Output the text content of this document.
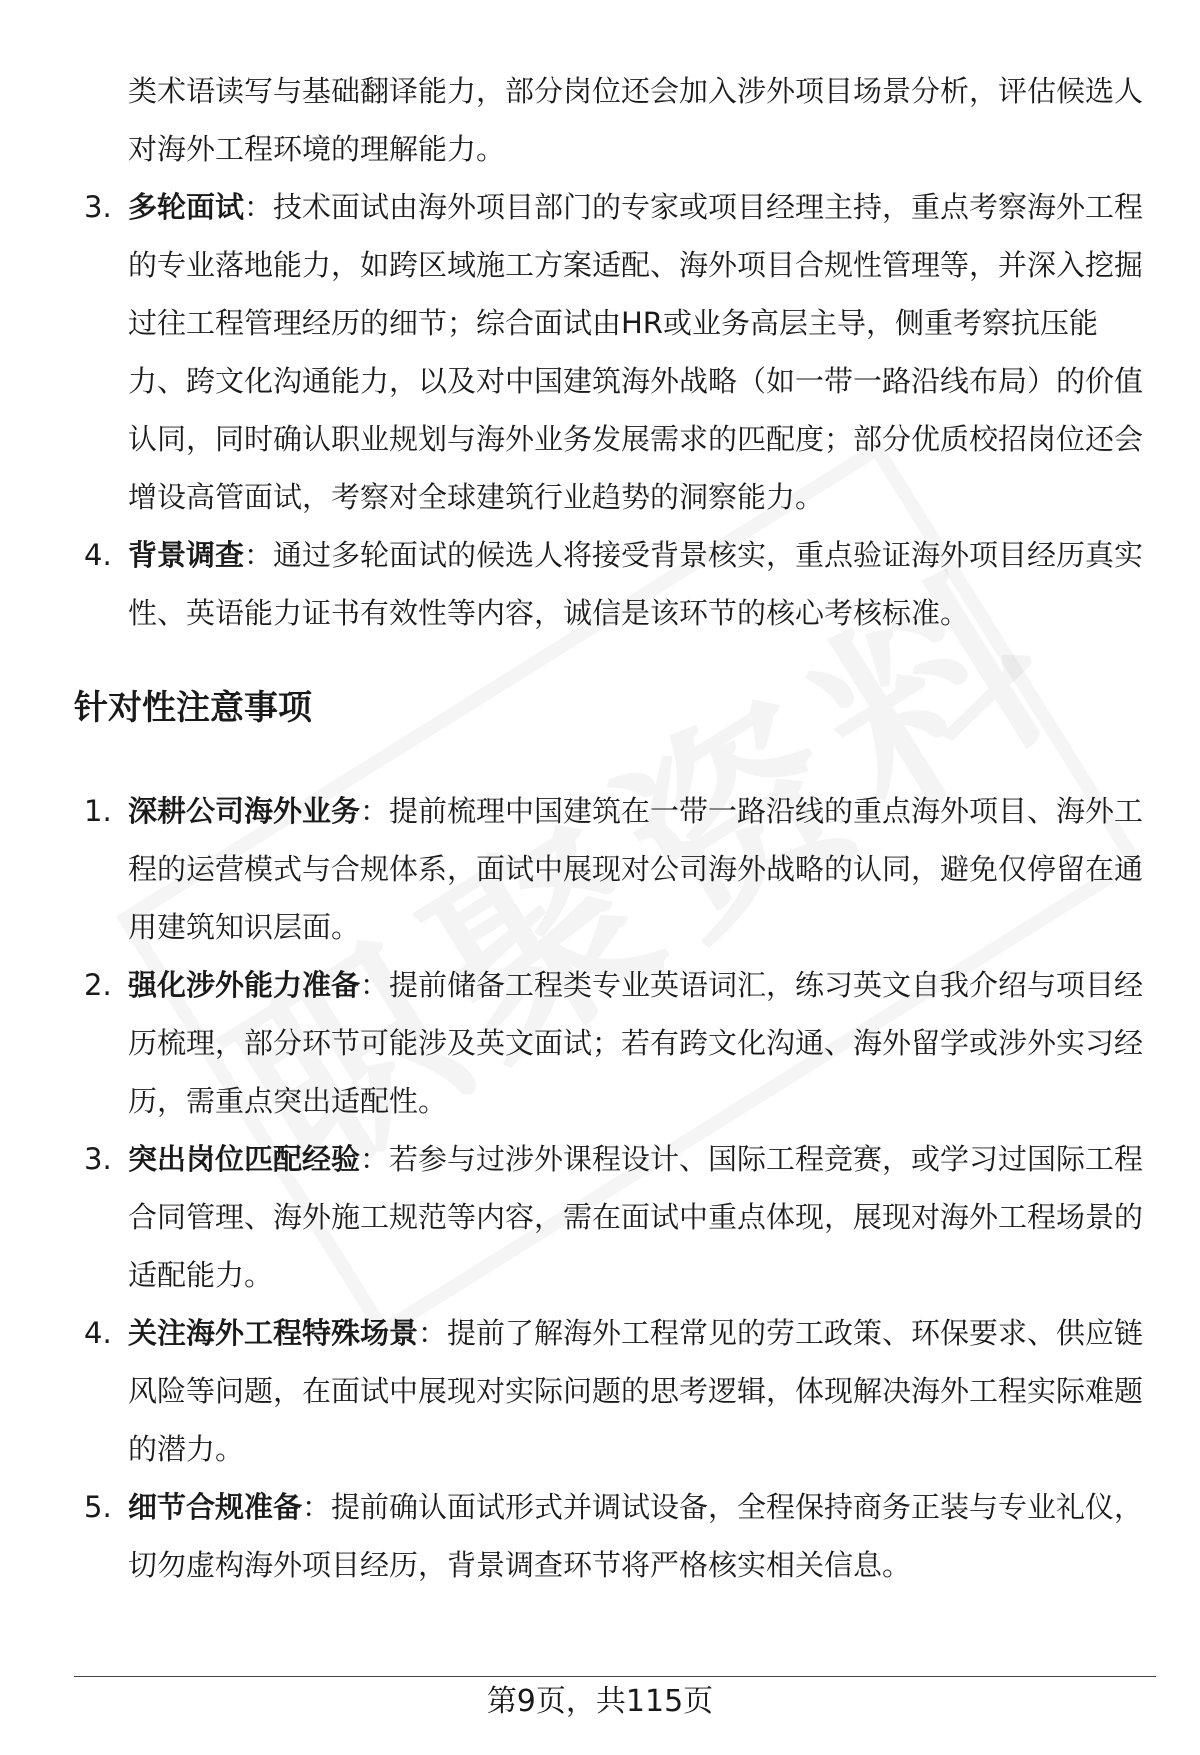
类术语读写与基础翻译能力，部分岗位还会加入涉外项目场景分析，评估候选人对海外工程环境的理解能力。

3. 多轮面试：技术面试由海外项目部门的专家或项目经理主持，重点考察海外工程的专业落地能力，如跨区域施工方案适配、海外项目合规性管理等，并深入挖掘过往工程管理经历的细节；综合面试由HR或业务高层主导，侧重考察抗压能力、跨文化沟通能力，以及对中国建筑海外战略（如一带一路沿线布局）的价值认同，同时确认职业规划与海外业务发展需求的匹配度；部分优质校招岗位还会增设高管面试，考察对全球建筑行业趋势的洞察能力。
4. 背景调查：通过多轮面试的候选人将接受背景核实，重点验证海外项目经历真实性、英语能力证书有效性等内容，诚信是该环节的核心考核标准。
针对性注意事项
1. 深耕公司海外业务：提前梳理中国建筑在一带一路沿线的重点海外项目、海外工程的运营模式与合规体系，面试中展现对公司海外战略的认同，避免仅停留在通用建筑知识层面。
2. 强化涉外能力准备：提前储备工程类专业英语词汇，练习英文自我介绍与项目经历梳理，部分环节可能涉及英文面试；若有跨文化沟通、海外留学或涉外实习经历，需重点突出适配性。
3. 突出岗位匹配经验：若参与过涉外课程设计、国际工程竞赛，或学习过国际工程合同管理、海外施工规范等内容，需在面试中重点体现，展现对海外工程场景的适配能力。
4. 关注海外工程特殊场景：提前了解海外工程常见的劳工政策、环保要求、供应链风险等问题，在面试中展现对实际问题的思考逻辑，体现解决海外工程实际难题的潜力。
5. 细节合规准备：提前确认面试形式并调试设备，全程保持商务正装与专业礼仪，切勿虚构海外项目经历，背景调查环节将严格核实相关信息。
第9页，共115页
